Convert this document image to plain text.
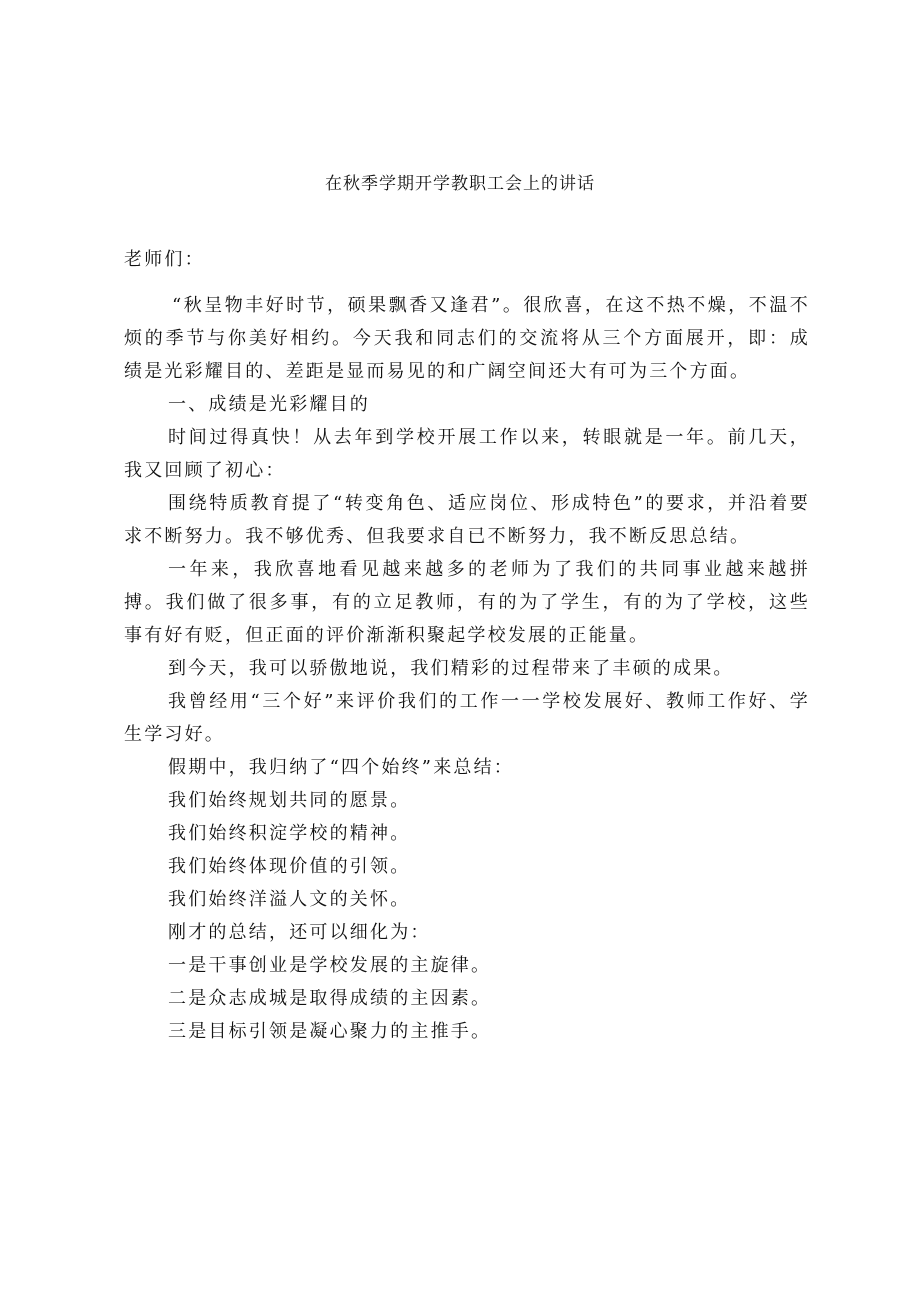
在秋季学期开学教职工会上的讲话

老师们：

“秋呈物丰好时节，硕果飘香又逢君”。很欣喜，在这不热不燥，不温不烦的季节与你美好相约。今天我和同志们的交流将从三个方面展开，即：成绩是光彩耀目的、差距是显而易见的和广阔空间还大有可为三个方面。

一、成绩是光彩耀目的

时间过得真快！从去年到学校开展工作以来，转眼就是一年。前几天，我又回顾了初心：

围绕特质教育提了“转变角色、适应岗位、形成特色”的要求，并沿着要求不断努力。我不够优秀、但我要求自已不断努力，我不断反思总结。

一年来，我欣喜地看见越来越多的老师为了我们的共同事业越来越拼搏。我们做了很多事，有的立足教师，有的为了学生，有的为了学校，这些事有好有贬，但正面的评价渐渐积聚起学校发展的正能量。

到今天，我可以骄傲地说，我们精彩的过程带来了丰硕的成果。

我曾经用“三个好”来评价我们的工作一一学校发展好、教师工作好、学生学习好。

假期中，我归纳了“四个始终”来总结：

我们始终规划共同的愿景。

我们始终积淀学校的精神。

我们始终体现价值的引领。

我们始终洋溢人文的关怀。

刚才的总结，还可以细化为：

一是干事创业是学校发展的主旋律。

二是众志成城是取得成绩的主因素。

三是目标引领是凝心聚力的主推手。
